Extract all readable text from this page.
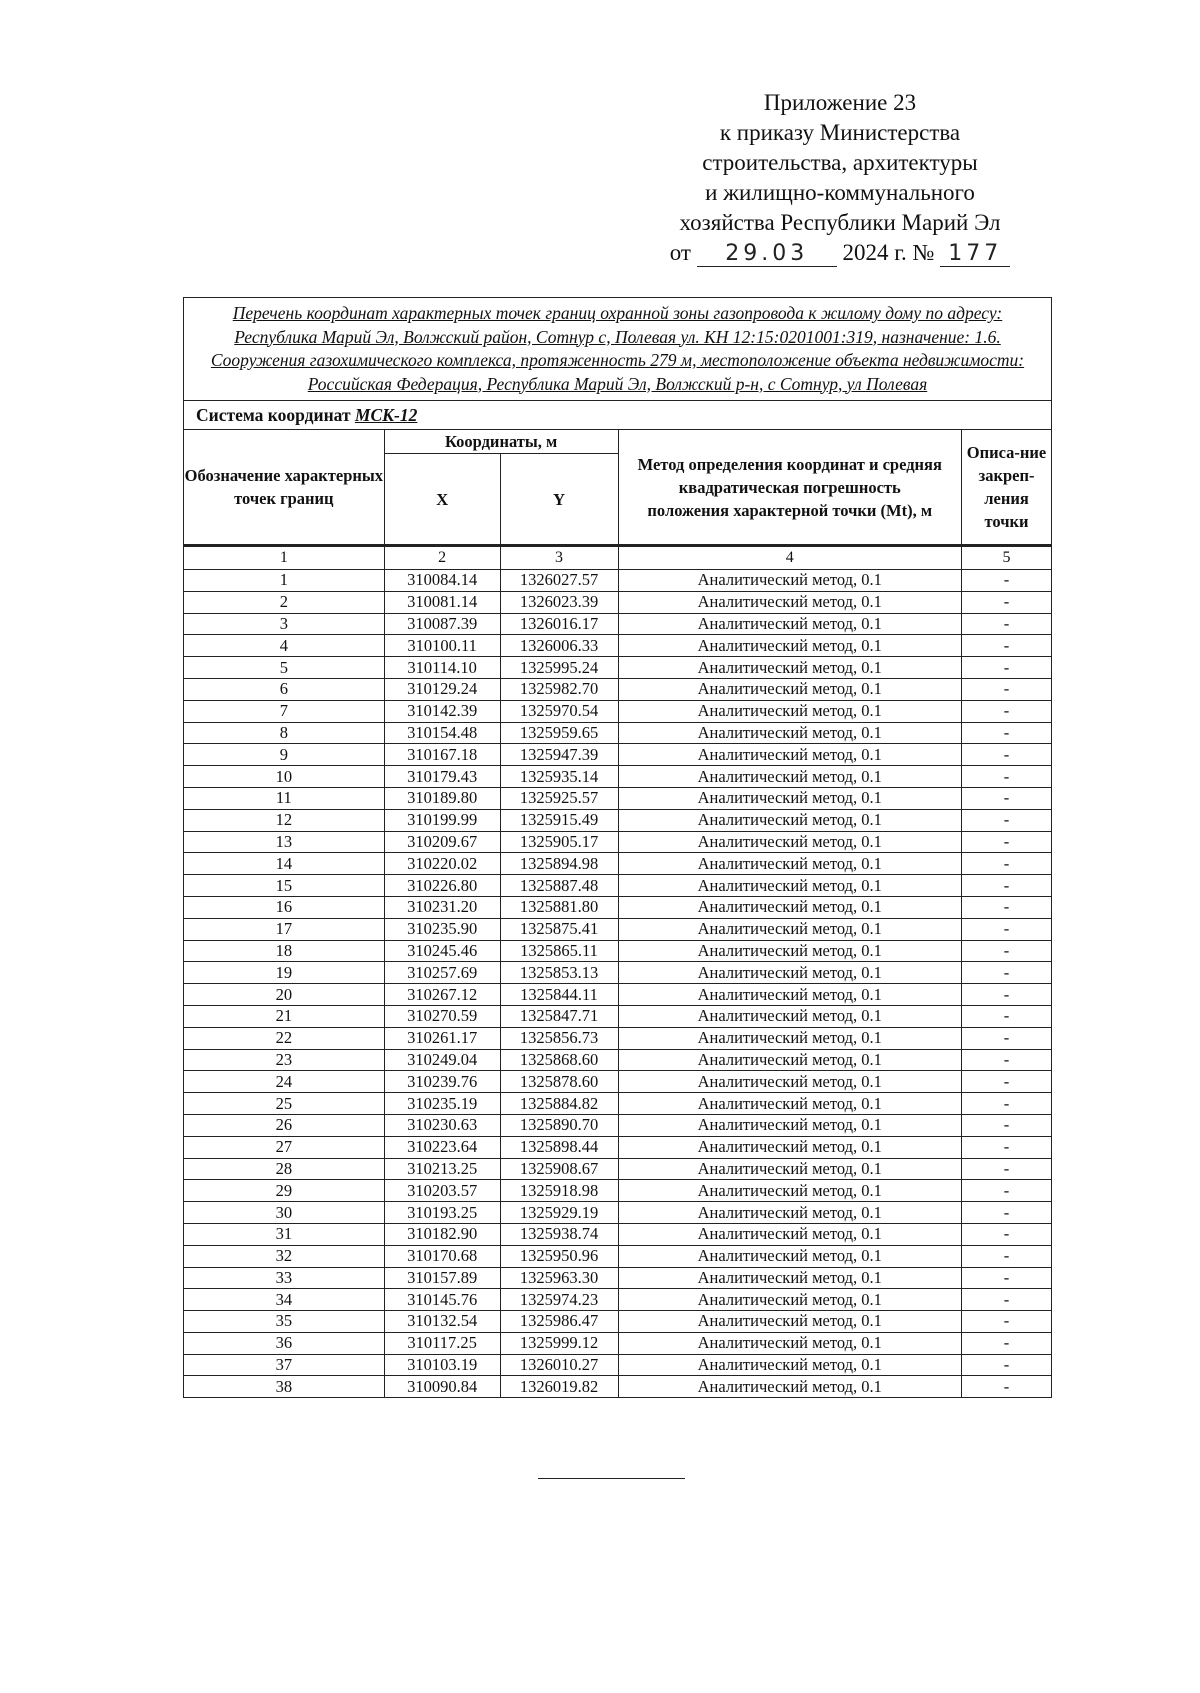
Приложение 23
к приказу Министерства
строительства, архитектуры
и жилищно-коммунального
хозяйства Республики Марий Эл
от 29.03 2024 г. № 177
Перечень координат характерных точек границ охранной зоны газопровода к жилому дому по адресу: Республика Марий Эл, Волжский район, Сотнур с, Полевая ул. КН 12:15:0201001:319, назначение: 1.6. Сооружения газохимического комплекса, протяженность 279 м, местоположение объекта недвижимости: Российская Федерация, Республика Марий Эл, Волжский р-н, с Сотнур, ул Полевая				
Система координат МСК-12				
Обозначение характерных точек границ	Координаты, м		Метод определения координат и средняя квадратическая погрешность положения характерной точки (Mt), м	Описа-ние закреп-ления точки
	X	Y		
1	2	3	4	5
1	310084.14	1326027.57	Аналитический метод, 0.1	-
2	310081.14	1326023.39	Аналитический метод, 0.1	-
3	310087.39	1326016.17	Аналитический метод, 0.1	-
4	310100.11	1326006.33	Аналитический метод, 0.1	-
5	310114.10	1325995.24	Аналитический метод, 0.1	-
6	310129.24	1325982.70	Аналитический метод, 0.1	-
7	310142.39	1325970.54	Аналитический метод, 0.1	-
8	310154.48	1325959.65	Аналитический метод, 0.1	-
9	310167.18	1325947.39	Аналитический метод, 0.1	-
10	310179.43	1325935.14	Аналитический метод, 0.1	-
11	310189.80	1325925.57	Аналитический метод, 0.1	-
12	310199.99	1325915.49	Аналитический метод, 0.1	-
13	310209.67	1325905.17	Аналитический метод, 0.1	-
14	310220.02	1325894.98	Аналитический метод, 0.1	-
15	310226.80	1325887.48	Аналитический метод, 0.1	-
16	310231.20	1325881.80	Аналитический метод, 0.1	-
17	310235.90	1325875.41	Аналитический метод, 0.1	-
18	310245.46	1325865.11	Аналитический метод, 0.1	-
19	310257.69	1325853.13	Аналитический метод, 0.1	-
20	310267.12	1325844.11	Аналитический метод, 0.1	-
21	310270.59	1325847.71	Аналитический метод, 0.1	-
22	310261.17	1325856.73	Аналитический метод, 0.1	-
23	310249.04	1325868.60	Аналитический метод, 0.1	-
24	310239.76	1325878.60	Аналитический метод, 0.1	-
25	310235.19	1325884.82	Аналитический метод, 0.1	-
26	310230.63	1325890.70	Аналитический метод, 0.1	-
27	310223.64	1325898.44	Аналитический метод, 0.1	-
28	310213.25	1325908.67	Аналитический метод, 0.1	-
29	310203.57	1325918.98	Аналитический метод, 0.1	-
30	310193.25	1325929.19	Аналитический метод, 0.1	-
31	310182.90	1325938.74	Аналитический метод, 0.1	-
32	310170.68	1325950.96	Аналитический метод, 0.1	-
33	310157.89	1325963.30	Аналитический метод, 0.1	-
34	310145.76	1325974.23	Аналитический метод, 0.1	-
35	310132.54	1325986.47	Аналитический метод, 0.1	-
36	310117.25	1325999.12	Аналитический метод, 0.1	-
37	310103.19	1326010.27	Аналитический метод, 0.1	-
38	310090.84	1326019.82	Аналитический метод, 0.1	-
